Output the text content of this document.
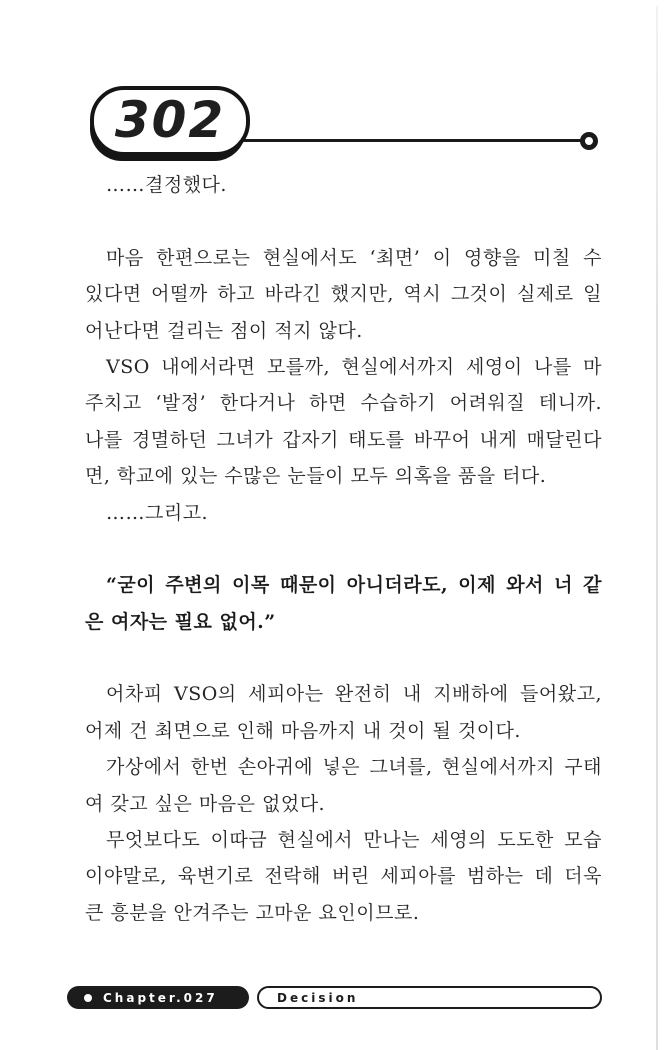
302
……결정했다.
마음 한편으로는 현실에서도 ‘최면’ 이 영향을 미칠 수
있다면 어떨까 하고 바라긴 했지만, 역시 그것이 실제로 일
어난다면 걸리는 점이 적지 않다.
VSO 내에서라면 모를까, 현실에서까지 세영이 나를 마
주치고 ‘발정’ 한다거나 하면 수습하기 어려워질 테니까.
나를 경멸하던 그녀가 갑자기 태도를 바꾸어 내게 매달린다
면, 학교에 있는 수많은 눈들이 모두 의혹을 품을 터다.
……그리고.
“굳이 주변의 이목 때문이 아니더라도, 이제 와서 너 같
은 여자는 필요 없어.”
어차피 VSO의 세피아는 완전히 내 지배하에 들어왔고,
어제 건 최면으로 인해 마음까지 내 것이 될 것이다.
가상에서 한번 손아귀에 넣은 그녀를, 현실에서까지 구태
여 갖고 싶은 마음은 없었다.
무엇보다도 이따금 현실에서 만나는 세영의 도도한 모습
이야말로, 육변기로 전락해 버린 세피아를 범하는 데 더욱
큰 흥분을 안겨주는 고마운 요인이므로.
Chapter.027	Decision
